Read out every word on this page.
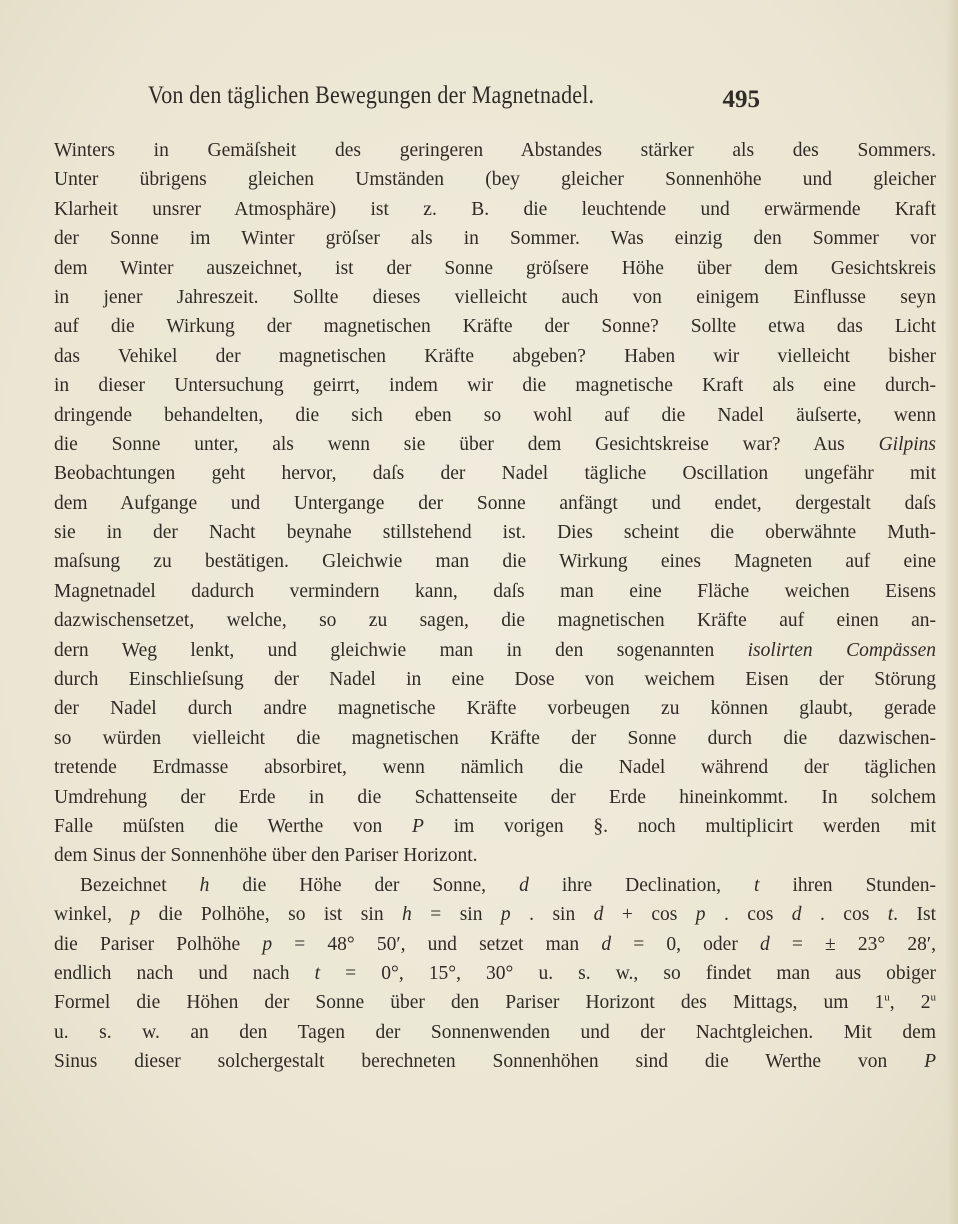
Von den täglichen Bewegungen der Magnetnadel.	495
Winters in Gemäſsheit des geringeren Abstandes stärker als des Sommers.
Unter übrigens gleichen Umständen (bey gleicher Sonnenhöhe und gleicher
Klarheit unsrer Atmosphäre) ist z. B. die leuchtende und erwärmende Kraft
der Sonne im Winter gröſser als in Sommer. Was einzig den Sommer vor
dem Winter auszeichnet, ist der Sonne gröſsere Höhe über dem Gesichtskreis
in jener Jahreszeit. Sollte dieses vielleicht auch von einigem Einflusse seyn
auf die Wirkung der magnetischen Kräfte der Sonne? Sollte etwa das Licht
das Vehikel der magnetischen Kräfte abgeben? Haben wir vielleicht bisher
in dieser Untersuchung geirrt, indem wir die magnetische Kraft als eine durch-
dringende behandelten, die sich eben so wohl auf die Nadel äuſserte, wenn
die Sonne unter, als wenn sie über dem Gesichtskreise war? Aus Gilpins
Beobachtungen geht hervor, daſs der Nadel tägliche Oscillation ungefähr mit
dem Aufgange und Untergange der Sonne anfängt und endet, dergestalt daſs
sie in der Nacht beynahe stillstehend ist. Dies scheint die oberwähnte Muth-
maſsung zu bestätigen. Gleichwie man die Wirkung eines Magneten auf eine
Magnetnadel dadurch vermindern kann, daſs man eine Fläche weichen Eisens
dazwischensetzet, welche, so zu sagen, die magnetischen Kräfte auf einen an-
dern Weg lenkt, und gleichwie man in den sogenannten isolirten Compässen
durch Einschlieſsung der Nadel in eine Dose von weichem Eisen der Störung
der Nadel durch andre magnetische Kräfte vorbeugen zu können glaubt, gerade
so würden vielleicht die magnetischen Kräfte der Sonne durch die dazwischen-
tretende Erdmasse absorbiret, wenn nämlich die Nadel während der täglichen
Umdrehung der Erde in die Schattenseite der Erde hineinkommt. In solchem
Falle müſsten die Werthe von P im vorigen §. noch multiplicirt werden mit
dem Sinus der Sonnenhöhe über den Pariser Horizont.
Bezeichnet h die Höhe der Sonne, d ihre Declination, t ihren Stunden-
winkel, p die Polhöhe, so ist sin h = sin p . sin d + cos p . cos d . cos t. Ist
die Pariser Polhöhe p = 48° 50′, und setzet man d = 0, oder d = ± 23° 28′,
endlich nach und nach t = 0°, 15°, 30° u. s. w., so findet man aus obiger
Formel die Höhen der Sonne über den Pariser Horizont des Mittags, um 1$^u$, 2$^u$
u. s. w. an den Tagen der Sonnenwenden und der Nachtgleichen. Mit dem
Sinus dieser solchergestalt berechneten Sonnenhöhen sind die Werthe von P
